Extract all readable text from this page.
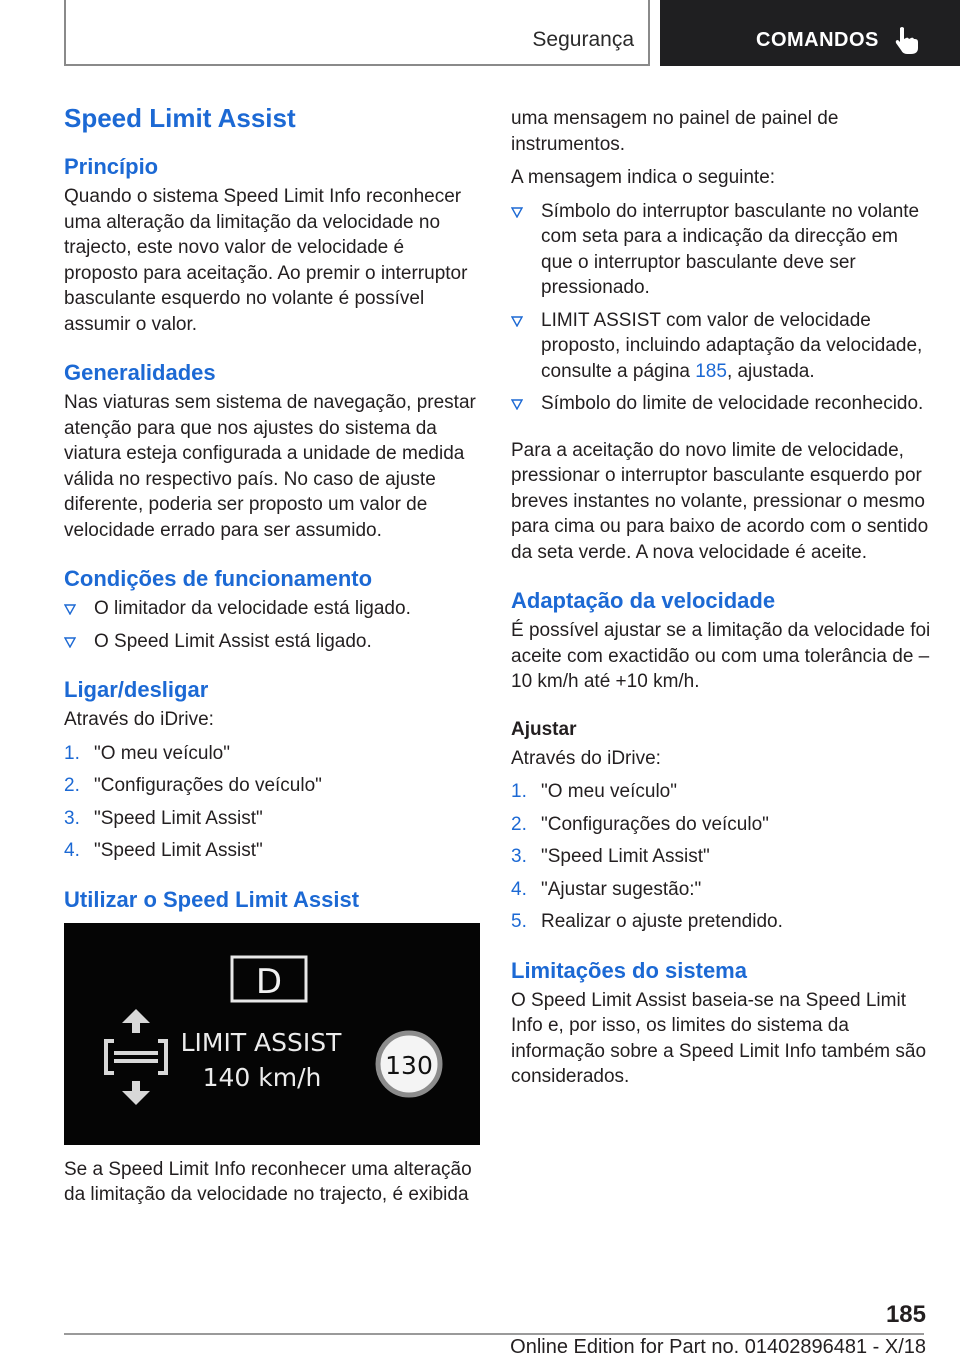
Segurança	COMANDOS
Speed Limit Assist
Princípio

Quando o sistema Speed Limit Info reconhecer uma alteração da limitação da velocidade no trajecto, este novo valor de velocidade é proposto para aceitação. Ao premir o interruptor basculante esquerdo no volante é possível assumir o valor.

Generalidades

Nas viaturas sem sistema de navegação, prestar atenção para que nos ajustes do sistema da viatura esteja configurada a unidade de medida válida no respectivo país. No caso de ajuste diferente, poderia ser proposto um valor de velocidade errado para ser assumido.

Condições de funcionamento
O limitador da velocidade está ligado.
O Speed Limit Assist está ligado.
Ligar/desligar

Através do iDrive:

1. "O meu veículo"
2. "Configurações do veículo"
3. "Speed Limit Assist"
4. "Speed Limit Assist"
Utilizar o Speed Limit Assist
D
LIMIT ASSIST
140 km/h	130

Se a Speed Limit Info reconhecer uma alteração da limitação da velocidade no trajecto, é exibida

uma mensagem no painel de painel de instrumentos.

A mensagem indica o seguinte:

Símbolo do interruptor basculante no volante com seta para a indicação da direcção em que o interruptor basculante deve ser pressionado.
LIMIT ASSIST com valor de velocidade proposto, incluindo adaptação da velocidade, consulte a página 185, ajustada.
Símbolo do limite de velocidade reconhecido.

Para a aceitação do novo limite de velocidade, pressionar o interruptor basculante esquerdo por breves instantes no volante, pressionar o mesmo para cima ou para baixo de acordo com o sentido da seta verde. A nova velocidade é aceite.

Adaptação da velocidade

É possível ajustar se a limitação da velocidade foi aceite com exactidão ou com uma tolerância de –10 km/h até +10 km/h.

Ajustar

Através do iDrive:

1. "O meu veículo"
2. "Configurações do veículo"
3. "Speed Limit Assist"
4. "Ajustar sugestão:"
5. Realizar o ajuste pretendido.
Limitações do sistema

O Speed Limit Assist baseia-se na Speed Limit Info e, por isso, os limites do sistema da informação sobre a Speed Limit Info também são considerados.

185
Online Edition for Part no. 01402896481 - X/18
